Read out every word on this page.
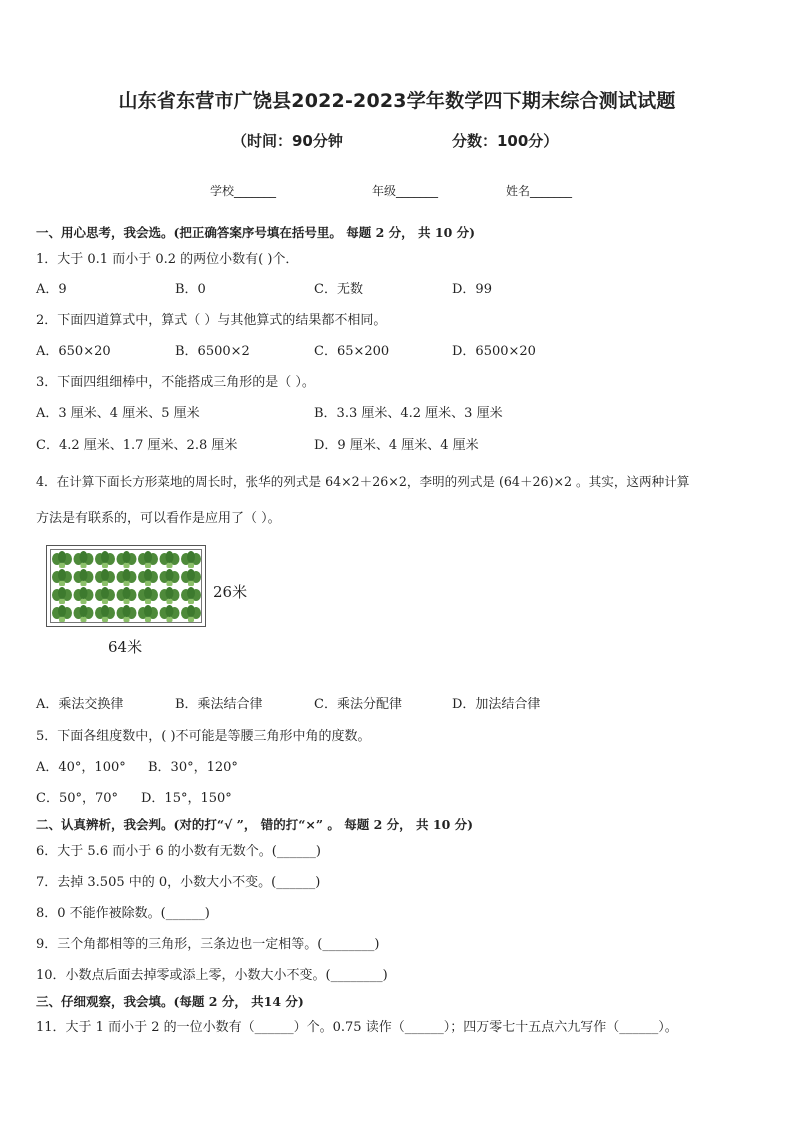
山东省东营市广饶县2022-2023学年数学四下期末综合测试试题
（时间：90分钟	分数：100分）
学校_______	年级_______	姓名_______
一、用心思考，我会选。(把正确答案序号填在括号里。 每题 2 分， 共 10 分)
1．大于 0.1 而小于 0.2 的两位小数有( )个．
A．9	B．0	C．无数	D．99
2．下面四道算式中，算式（ ）与其他算式的结果都不相同。
A．650×20	B．6500×2	C．65×200	D．6500×20
3．下面四组细棒中，不能搭成三角形的是（ ）。
A．3 厘米、4 厘米、5 厘米	B．3.3 厘米、4.2 厘米、3 厘米
C．4.2 厘米、1.7 厘米、2.8 厘米	D．9 厘米、4 厘米、4 厘米
4．在计算下面长方形菜地的周长时，张华的列式是 64×2＋26×2，李明的列式是 (64＋26)×2 。其实，这两种计算
方法是有联系的，可以看作是应用了（ ）。
26米
64米
A．乘法交换律	B．乘法结合律	C．乘法分配律	D．加法结合律
5．下面各组度数中，( )不可能是等腰三角形中角的度数。
A．40°，100° B．30°，120°
C．50°，70° D．15°，150°
二、认真辨析，我会判。(对的打“√ ”， 错的打“×” 。 每题 2 分， 共 10 分)
6．大于 5.6 而小于 6 的小数有无数个。(______)
7．去掉 3.505 中的 0，小数大小不变。(______)
8．0 不能作被除数。(______)
9．三个角都相等的三角形，三条边也一定相等。(________)
10．小数点后面去掉零或添上零，小数大小不变。(________)
三、仔细观察，我会填。(每题 2 分， 共14 分)
11．大于 1 而小于 2 的一位小数有（______）个。0.75 读作（______）；四万零七十五点六九写作（______）。
